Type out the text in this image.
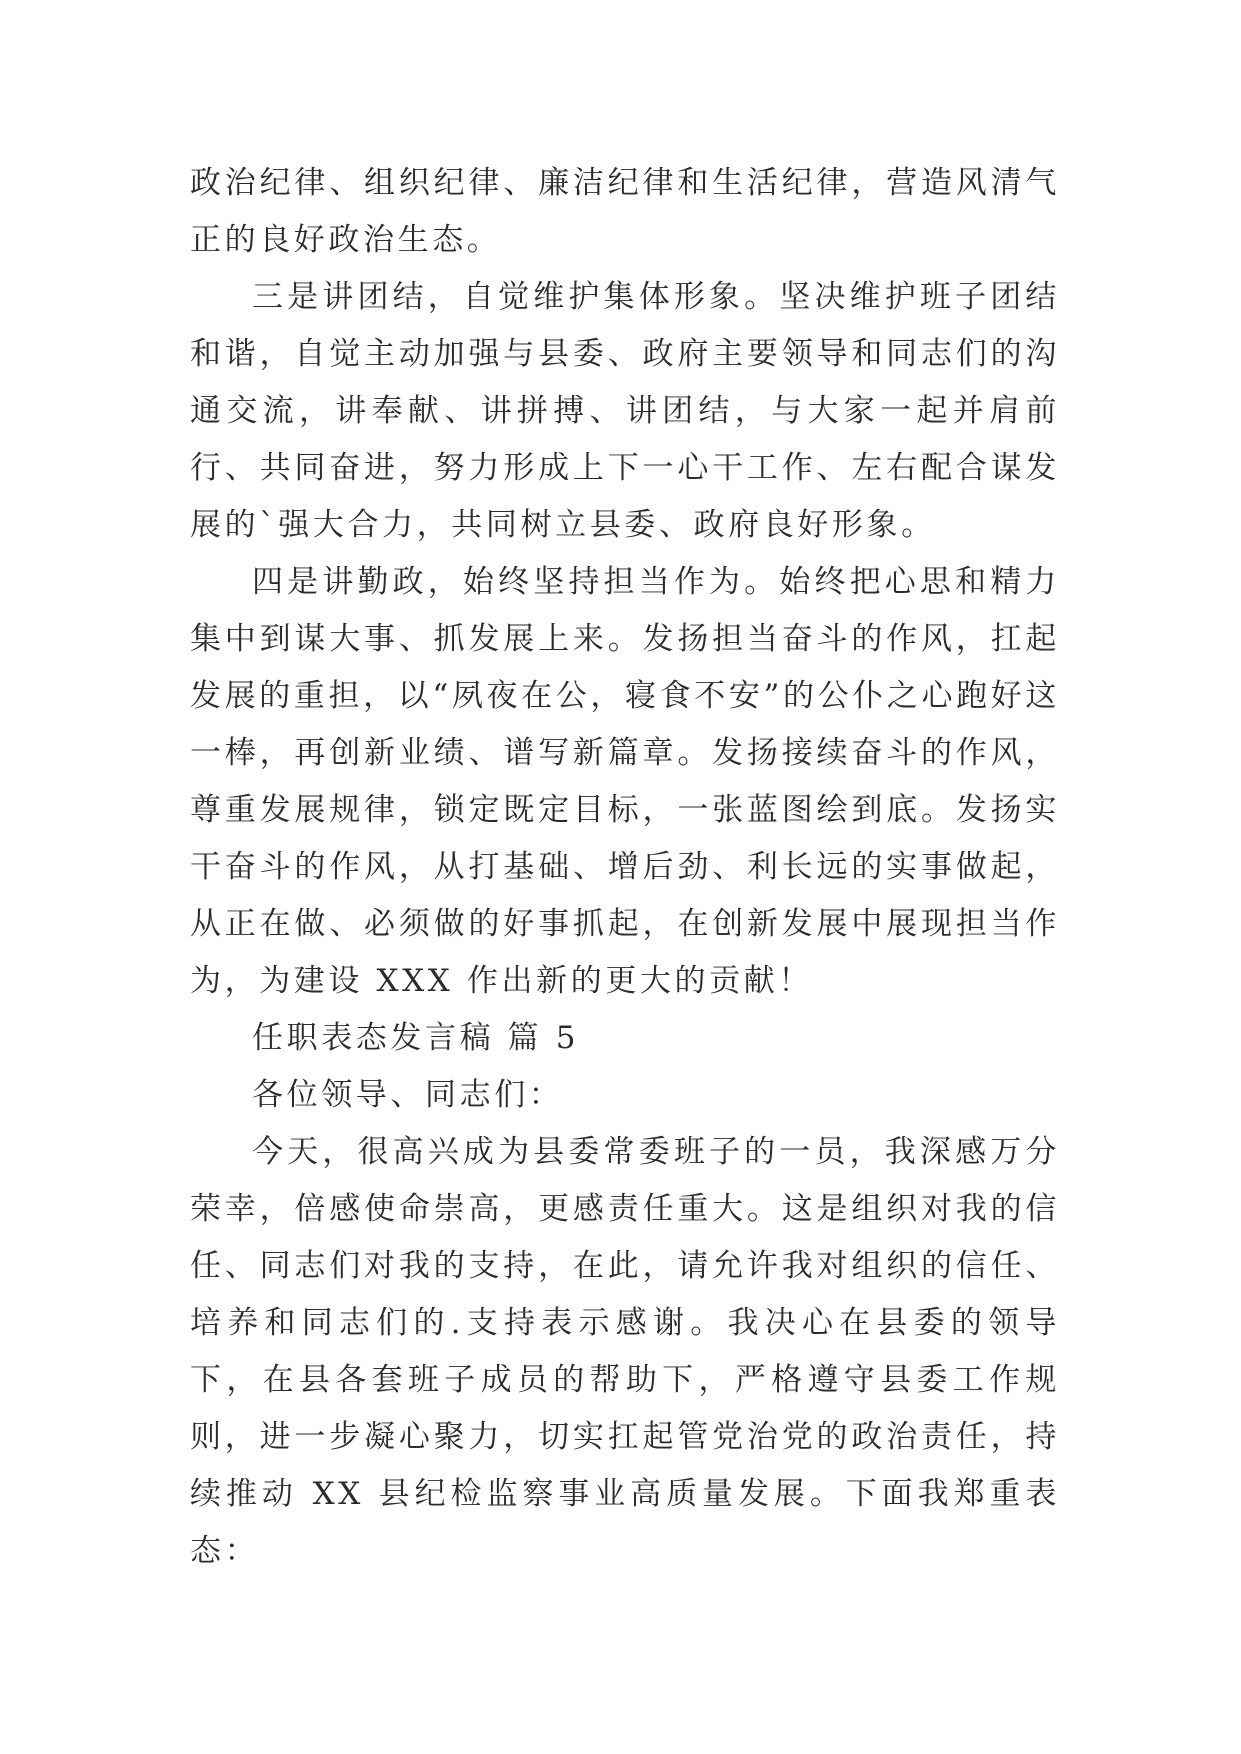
政治纪律、组织纪律、廉洁纪律和生活纪律，营造风清气正的良好政治生态。

三是讲团结，自觉维护集体形象。坚决维护班子团结和谐，自觉主动加强与县委、政府主要领导和同志们的沟通交流，讲奉献、讲拼搏、讲团结，与大家一起并肩前行、共同奋进，努力形成上下一心干工作、左右配合谋发展的`强大合力，共同树立县委、政府良好形象。

四是讲勤政，始终坚持担当作为。始终把心思和精力集中到谋大事、抓发展上来。发扬担当奋斗的作风，扛起发展的重担，以“夙夜在公，寝食不安”的公仆之心跑好这一棒，再创新业绩、谱写新篇章。发扬接续奋斗的作风，尊重发展规律，锁定既定目标，一张蓝图绘到底。发扬实干奋斗的作风，从打基础、增后劲、利长远的实事做起，从正在做、必须做的好事抓起，在创新发展中展现担当作为，为建设 XXX 作出新的更大的贡献！

任职表态发言稿 篇 5

各位领导、同志们：

今天，很高兴成为县委常委班子的一员，我深感万分荣幸，倍感使命崇高，更感责任重大。这是组织对我的信任、同志们对我的支持，在此，请允许我对组织的信任、培养和同志们的.支持表示感谢。我决心在县委的领导下，在县各套班子成员的帮助下，严格遵守县委工作规则，进一步凝心聚力，切实扛起管党治党的政治责任，持续推动 XX 县纪检监察事业高质量发展。下面我郑重表态：
